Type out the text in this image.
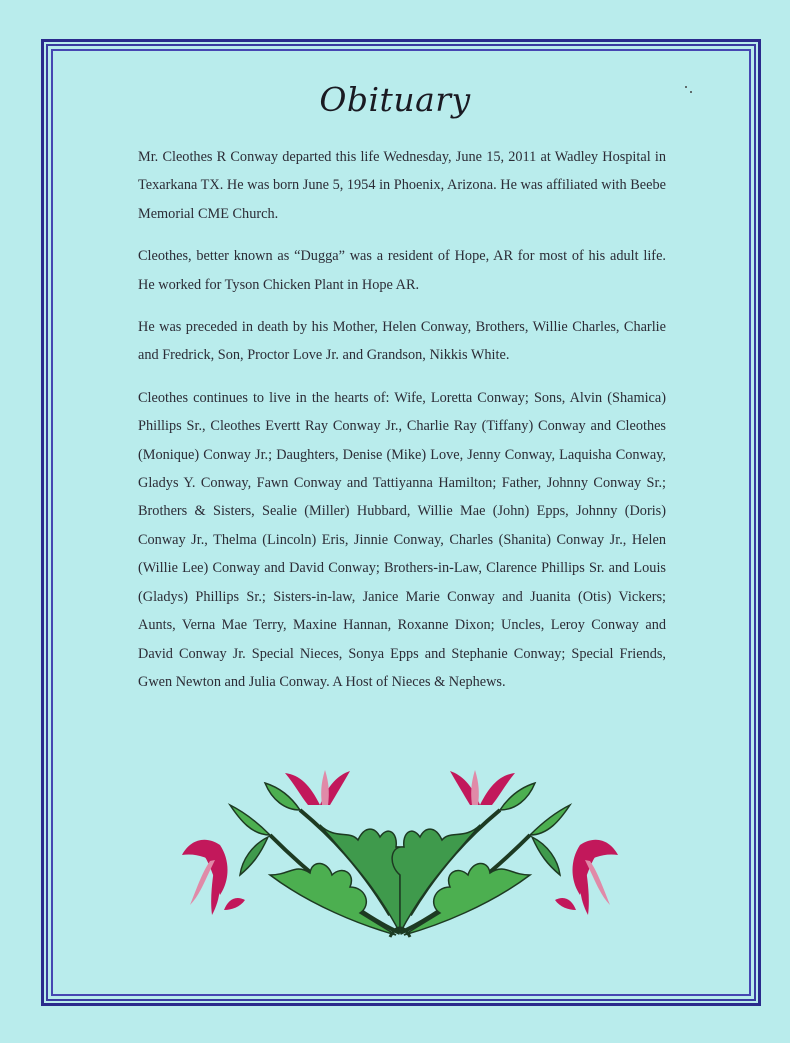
Obituary

Mr. Cleothes R Conway departed this life Wednesday, June 15, 2011 at Wadley Hospital in Texarkana TX. He was born June 5, 1954 in Phoenix, Arizona. He was affiliated with Beebe Memorial CME Church.

Cleothes, better known as “Dugga” was a resident of Hope, AR for most of his adult life. He worked for Tyson Chicken Plant in Hope AR.

He was preceded in death by his Mother, Helen Conway, Brothers, Willie Charles, Charlie and Fredrick, Son, Proctor Love Jr. and Grandson, Nikkis White.

Cleothes continues to live in the hearts of: Wife, Loretta Conway; Sons, Alvin (Shamica) Phillips Sr., Cleothes Evertt Ray Conway Jr., Charlie Ray (Tiffany) Conway and Cleothes (Monique) Conway Jr.; Daughters, Denise (Mike) Love, Jenny Conway, Laquisha Conway, Gladys Y. Conway, Fawn Conway and Tattiyanna Hamilton; Father, Johnny Conway Sr.; Brothers & Sisters, Sealie (Miller) Hubbard, Willie Mae (John) Epps, Johnny (Doris) Conway Jr., Thelma (Lincoln) Eris, Jinnie Conway, Charles (Shanita) Conway Jr., Helen (Willie Lee) Conway and David Conway; Brothers-in-Law, Clarence Phillips Sr. and Louis (Gladys) Phillips Sr.; Sisters-in-law, Janice Marie Conway and Juanita (Otis) Vickers; Aunts, Verna Mae Terry, Maxine Hannan, Roxanne Dixon; Uncles, Leroy Conway and David Conway Jr. Special Nieces, Sonya Epps and Stephanie Conway; Special Friends, Gwen Newton and Julia Conway. A Host of Nieces & Nephews.
